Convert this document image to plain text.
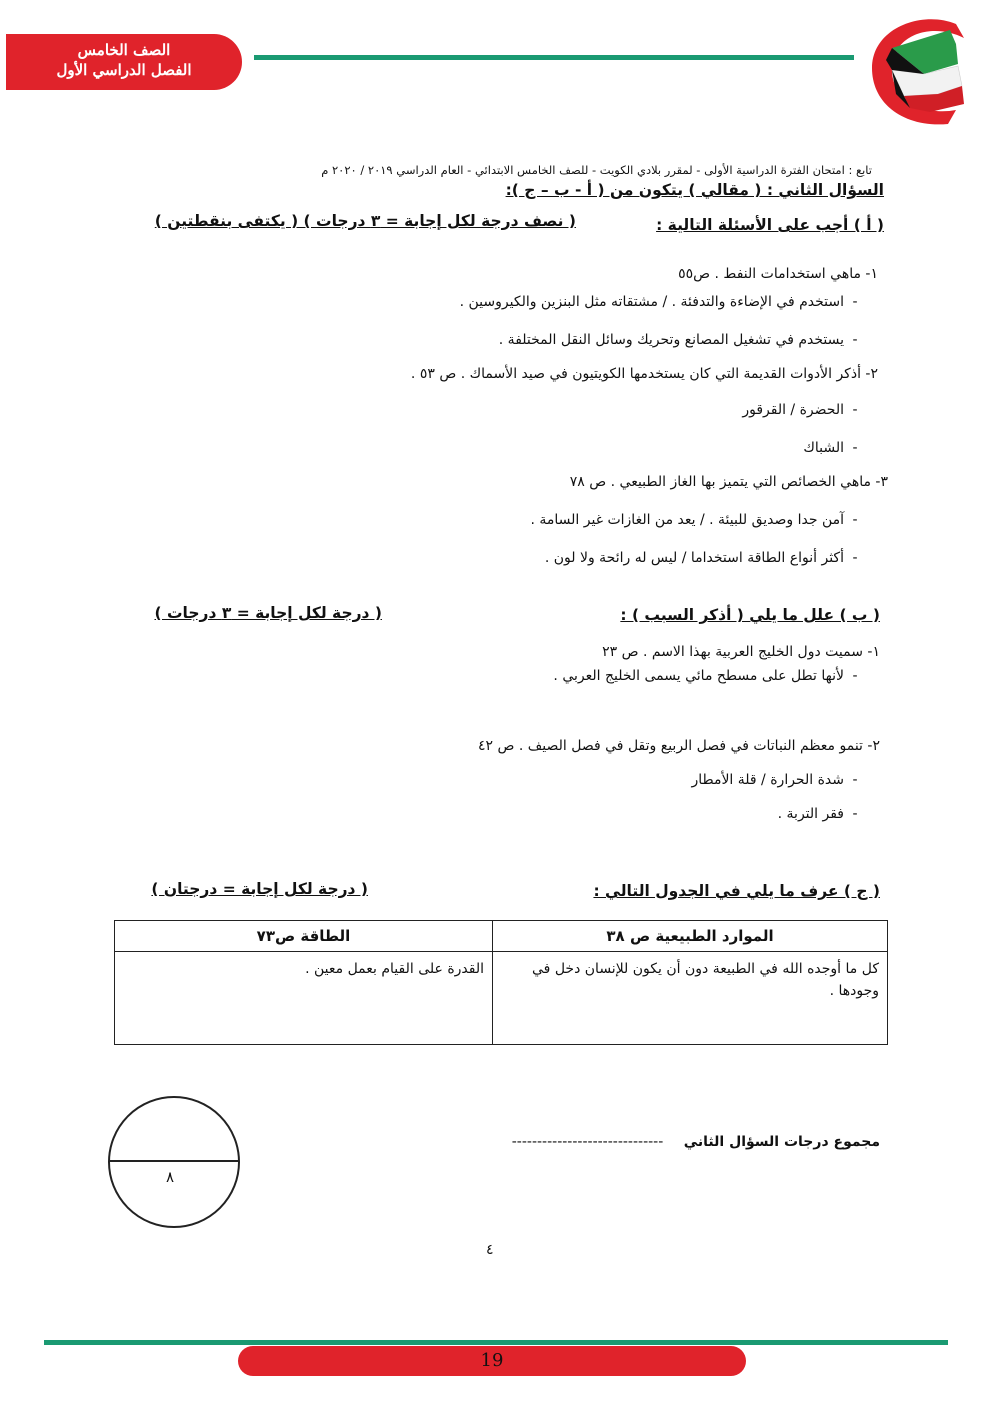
الصف الخامس
الفصل الدراسي الأول
تابع : امتحان الفترة الدراسية الأولى - لمقرر بلادي الكويت - للصف الخامس الابتدائي - العام الدراسي ٢٠١٩ / ٢٠٢٠ م
السؤال الثاني : ( مقالي ) يتكون من ( أ - ب – ج ):
( أ ) أجب على الأسئلة التالية :
( نصف درجة لكل إجابة = ٣ درجات ) ( يكتفى بنقطتين )
١- ماهي استخدامات النفط . ص٥٥
-استخدم في الإضاءة والتدفئة . / مشتقاته مثل البنزين والكيروسين .
-يستخدم في تشغيل المصانع وتحريك وسائل النقل المختلفة .
٢- أذكر الأدوات القديمة التي كان يستخدمها الكويتيون في صيد الأسماك . ص ٥٣ .
-الحضرة / القرقور
-الشباك
٣- ماهي الخصائص التي يتميز بها الغاز الطبيعي . ص ٧٨
-آمن جدا وصديق للبيئة . / يعد من الغازات غير السامة .
-أكثر أنواع الطاقة استخداما / ليس له رائحة ولا لون .
( ب ) علل ما يلي ( أذكر السبب ) :
( درجة لكل إجابة = ٣ درجات )
١- سميت دول الخليج العربية بهذا الاسم . ص ٢٣
-لأنها تطل على مسطح مائي يسمى الخليج العربي .
٢- تنمو معظم النباتات في فصل الربيع وتقل في فصل الصيف . ص ٤٢
-شدة الحرارة / قلة الأمطار
-فقر التربة .
( ج ) عرف ما يلي في الجدول التالي :
( درجة لكل إجابة = درجتان )
الموارد الطبيعية ص ٣٨	الطاقة ص٧٣
كل ما أوجده الله في الطبيعة دون أن يكون للإنسان دخل في وجودها .	القدرة على القيام بعمل معين .
٨
مجموع درجات السؤال الثاني ------------------------------
٤
19
